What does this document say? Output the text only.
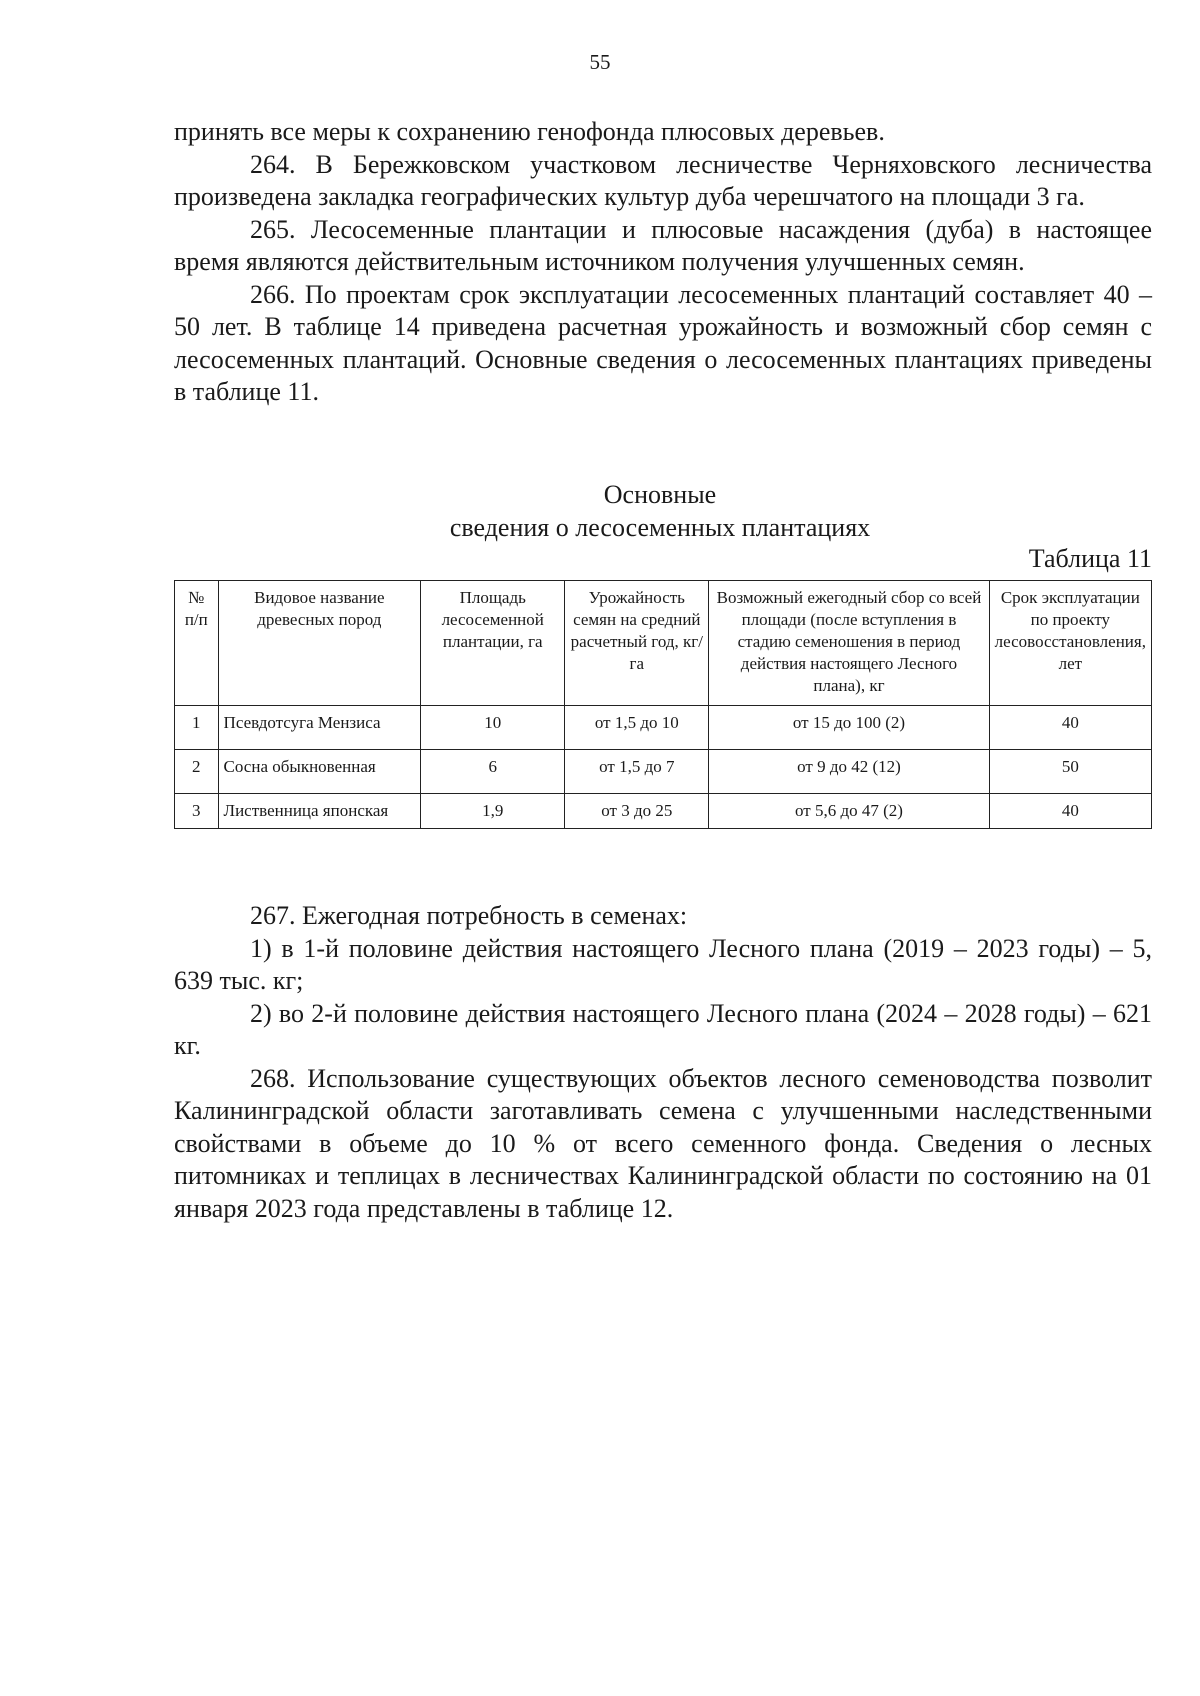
55

принять все меры к сохранению генофонда плюсовых деревьев.

264. В Бережковском участковом лесничестве Черняховского лесничества произведена закладка географических культур дуба черешчатого на площади 3 га.

265. Лесосеменные плантации и плюсовые насаждения (дуба) в настоящее время являются действительным источником получения улучшенных семян.

266. По проектам срок эксплуатации лесосеменных плантаций составляет 40 – 50 лет. В таблице 14 приведена расчетная урожайность и возможный сбор семян с лесосеменных плантаций. Основные сведения о лесосеменных плантациях приведены в таблице 11.

Основные
сведения о лесосеменных плантациях
Таблица 11
№ п/п	Видовое название древесных пород	Площадь лесосеменной плантации, га	Урожайность семян на средний расчетный год, кг/га	Возможный ежегодный сбор со всей площади (после вступления в стадию семеношения в период действия настоящего Лесного плана), кг	Срок эксплуатации по проекту лесовосстановления, лет
1	Псевдотсуга Мензиса	10	от 1,5 до 10	от 15 до 100 (2)	40
2	Сосна обыкновенная	6	от 1,5 до 7	от 9 до 42 (12)	50
3	Лиственница японская	1,9	от 3 до 25	от 5,6 до 47 (2)	40

267. Ежегодная потребность в семенах:

1) в 1-й половине действия настоящего Лесного плана (2019 – 2023 годы) – 5, 639 тыс. кг;

2) во 2-й половине действия настоящего Лесного плана (2024 – 2028 годы) – 621 кг.

268. Использование существующих объектов лесного семеноводства позволит Калининградской области заготавливать семена с улучшенными наследственными свойствами в объеме до 10 % от всего семенного фонда. Сведения о лесных питомниках и теплицах в лесничествах Калининградской области по состоянию на 01 января 2023 года представлены в таблице 12.
